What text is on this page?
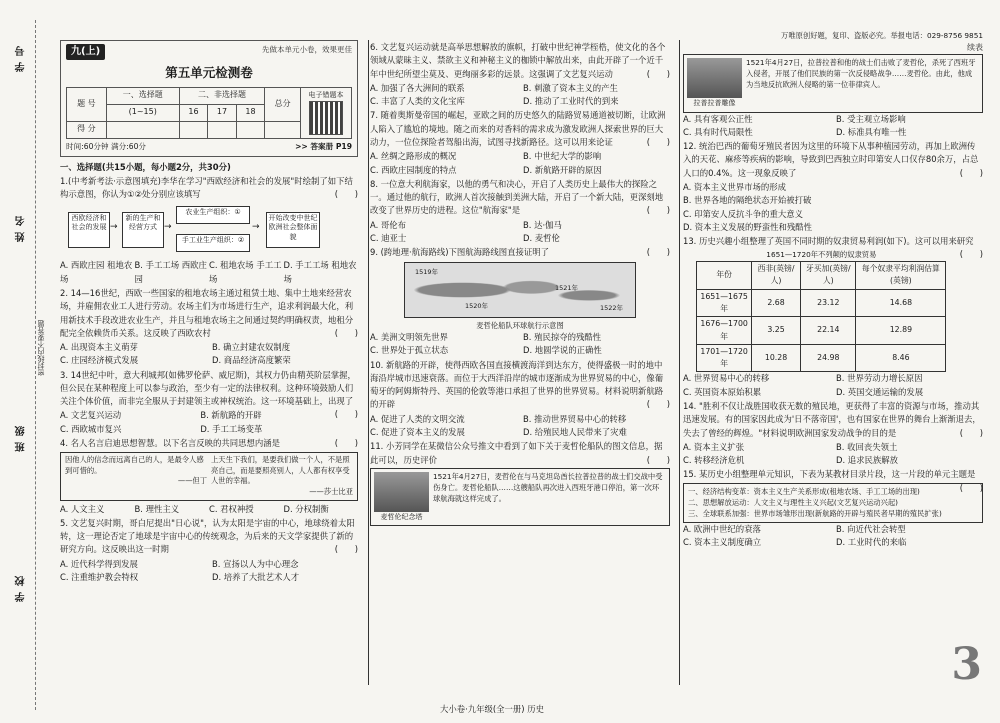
学号
姓名
班级
学校
密封线内不要答题
九(上)	先做本单元小卷，效果更佳
第五单元检测卷
题 号	一、选择题	二、非选择题			总分	电子错题本

	(1~15)	16	17	18		
得 分						
时间:60分钟 满分:60分	>> 答案册 P19
一、选择题(共15小题，每小题2分，共30分)
1.(中考新考法·示意图填充)李华在学习"西欧经济和社会的发展"时绘制了如下结构示意图，你认为①②处分别应该填写	(　　)
西欧经济和社会的发展 →
新的生产和经营方式 →
农业生产组织：①
手工业生产组织：②
→
开始改变中世纪欧洲社会整体面貌
A. 西欧庄园 租地农场
B. 手工工场 西欧庄园
C. 租地农场 手工工场
D. 手工工场 租地农场
2. 14—16世纪，西欧一些国家的租地农场主通过租赁土地、集中土地来经营农场，并雇佣农业工人进行劳动。农场主们为市场进行生产，追求利润最大化，利用新技术手段改进农业生产，并且与租地农场主之间通过契约明确权责，地租分配完全依赖货币关系。这反映了西欧农村	(　　)
A. 出现资本主义萌芽	B. 确立封建农奴制度
C. 庄园经济模式发展	D. 商品经济高度繁荣
3. 14世纪中叶，意大利城邦(如佛罗伦萨、威尼斯)，其权力仍由精英阶层掌握，但公民在某种程度上可以参与政治，至少有一定的法律权利。这种环境鼓励人们关注个体价值，而非完全服从于封建领主或神权统治。这一环境基础上，出现了
(　　)
A. 文艺复兴运动	B. 新航路的开辟
C. 西欧城市复兴	D. 手工工场变革
4. 名人名言启迪思想智慧。以下名言反映的共同思想内涵是	(　　)
因他人的信念而远离自己的人，是最令人感到可惜的。
——但丁
上天生下我们，是要我们做一个人，不是照亮自己，而是要照亮别人，人人都有权享受人世的幸福。
——莎士比亚
A. 人文主义	B. 理性主义	C. 君权神授	D. 分权制衡
5. 文艺复兴时期，哥白尼提出"日心说"，认为太阳是宇宙的中心，地球绕着太阳转，这一理论否定了地球是宇宙中心的传统观念，为后来的天文学家提供了新的研究方向。这反映出这一时期	(　　)
A. 近代科学得到发展	B. 宣扬以人为中心理念
C. 注重维护教会特权	D. 培养了大批艺术人才
6. 文艺复兴运动就是高举思想解放的旗帜，打破中世纪神学桎梏，使文化的各个领域从蒙昧主义、禁欲主义和神秘主义的枷锁中解放出来，由此开辟了一个近千年中世纪所望尘莫及、更绚丽多彩的远景。这强调了文艺复兴运动	(　　)
A. 加强了各大洲间的联系	B. 刺激了资本主义的产生
C. 丰富了人类的文化宝库	D. 推动了工业时代的到来
7. 随着奥斯曼帝国的崛起，亚欧之间的历史悠久的陆路贸易通道被切断，让欧洲人陷入了尴尬的境地。随之而来的对香料的需求成为激发欧洲人探索世界的巨大动力，一位位探险者驾船出海，试图寻找新路径。这可以用来论证	(　　)
A. 丝绸之路形成的概况	B. 中世纪大学的影响
C. 西欧庄园制度的特点	D. 新航路开辟的原因
8. 一位意大利航海家，以他的勇气和决心，开启了人类历史上最伟大的探险之一。通过他的航行，欧洲人首次接触到美洲大陆，开启了一个新大陆，更深刻地改变了世界历史的进程。这位"航海家"是	(　　)
A. 哥伦布	B. 达·伽马
C. 迪亚士	D. 麦哲伦
9. (跨地理·航海路线)下图航海路线图直接证明了	(　　)
1519年
1520年
1521年
1522年
麦哲伦船队环球航行示意图
A. 美洲文明领先世界	B. 殖民掠夺的残酷性
C. 世界处于孤立状态	D. 地圆学说的正确性
10. 新航路的开辟，使得西欧各国直接横渡海洋到达东方，使得盛极一时的地中海沿岸城市迅速衰落。而位于大西洋沿岸的城市逐渐成为世界贸易的中心，像葡萄牙的阿姆斯特丹、英国的伦敦等港口承担了世界的世界贸易。材料说明新航路的开辟	(　　)
A. 促进了人类的文明交流	B. 推动世界贸易中心的转移
C. 促进了资本主义的发展	D. 给殖民地人民带来了灾难
11. 小芳同学在某微信公众号推文中看到了如下关于麦哲伦船队的图文信息，据此可以，历史评价	(　　)
麦哲伦纪念塔
1521年4月27日，麦哲伦在与马克坦岛酋长拉普拉普的战士们交战中受伤身亡。麦哲伦船队……这艘船队再次进入西班牙港口停泊，第一次环球航海就这样完成了。
万唯原创好题，复印、盗版必究。举报电话：029-8756 9851
续表
拉普拉普雕像
1521年4月27日，拉普拉普和他的战士们击败了麦哲伦，杀死了西班牙入侵者，开展了他们民族的第一次反侵略战争……麦哲伦。由此，他成为当地反抗欧洲人侵略的第一位菲律宾人。
A. 具有客观公正性	B. 受主观立场影响
C. 具有时代局限性	D. 标准具有唯一性
12. 统治巴西的葡萄牙殖民者因为这里的环境下从事种植园劳动，再加上欧洲传入的天花、麻疹等疾病的影响，导致到巴西独立时印第安人口仅存80余万，占总人口的0.4%。这一现象反映了	(　　)
A. 资本主义世界市场的形成
B. 世界各地的隔绝状态开始被打破
C. 印第安人反抗斗争的重大意义
D. 资本主义发展的野蛮性和残酷性
13. 历史兴趣小组整理了英国不同时期的奴隶贸易利润(如下)。这可以用来研究
(　　)
1651—1720年不列颠的奴隶贸易
年份	西非(英镑/人)	牙买加(英镑/人)	每个奴隶平均利润估算(英镑)
1651—1675年	2.68	23.12	14.68
1676—1700年	3.25	22.14	12.89
1701—1720年	10.28	24.98	8.46
A. 世界贸易中心的转移	B. 世界劳动力增长原因
C. 英国资本原始积累	D. 英国交通运输的发展
14. "胜利不仅让战胜国收获无数的殖民地，更获得了丰富的资源与市场，推动其迅速发展。有的国家因此成为'日不落帝国'，也有国家在世界的舞台上渐渐退去，失去了曾经的辉煌。"材料说明欧洲国家发动战争的目的是	(　　)
A. 资本主义扩张	B. 收回丧失领土
C. 转移经济危机	D. 追求民族解放
15. 某历史小组整理单元知识，下表为某教材目录片段，这一片段的单元主题是
(　　)
一、经济结构变革：资本主义生产关系形成(租地农场、手工工场的出现)
二、思想解放运动：人文主义与理性主义兴起(文艺复兴运动兴起)
三、全球联系加强：世界市场雏形出现(新航路的开辟与殖民者早期的殖民扩张)
A. 欧洲中世纪的衰落	B. 向近代社会转型
C. 资本主义制度确立	D. 工业时代的来临
3
大小卷·九年级(全一册) 历史
